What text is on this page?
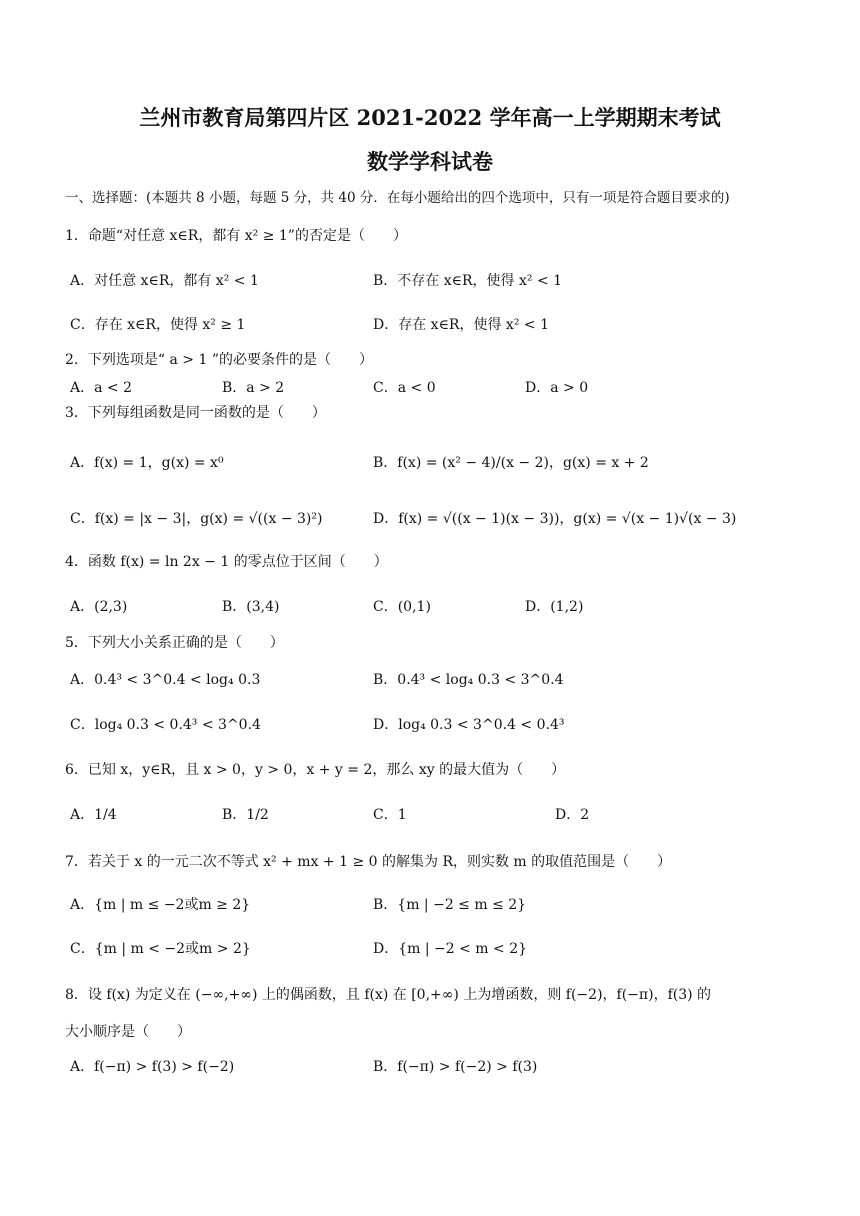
兰州市教育局第四片区 2021-2022 学年高一上学期期末考试
数学学科试卷
一、选择题：(本题共 8 小题，每题 5 分，共 40 分．在每小题给出的四个选项中，只有一项是符合题目要求的)
1．命题“对任意 x∈R，都有 x² ≥ 1”的否定是（　　）
A．对任意 x∈R，都有 x² < 1	B．不存在 x∈R，使得 x² < 1
C．存在 x∈R，使得 x² ≥ 1	D．存在 x∈R，使得 x² < 1
2．下列选项是“ a > 1 ”的必要条件的是（　　）
A．a < 2	B．a > 2	C．a < 0	D．a > 0
3．下列每组函数是同一函数的是（　　）
A．f(x) = 1，g(x) = x⁰	B．f(x) = (x² − 4)/(x − 2)，g(x) = x + 2
C．f(x) = |x − 3|，g(x) = √((x − 3)²)	D．f(x) = √((x − 1)(x − 3))，g(x) = √(x − 1)√(x − 3)
4．函数 f(x) = ln 2x − 1 的零点位于区间（　　）
A．(2,3)	B．(3,4)	C．(0,1)	D．(1,2)
5．下列大小关系正确的是（　　）
A．0.4³ < 3^0.4 < log₄ 0.3	B．0.4³ < log₄ 0.3 < 3^0.4
C．log₄ 0.3 < 0.4³ < 3^0.4	D．log₄ 0.3 < 3^0.4 < 0.4³
6．已知 x，y∈R，且 x > 0，y > 0，x + y = 2，那么 xy 的最大值为（　　）
A．1/4	B．1/2	C．1	D．2
7．若关于 x 的一元二次不等式 x² + mx + 1 ≥ 0 的解集为 R，则实数 m 的取值范围是（　　）
A．{m | m ≤ −2或m ≥ 2}	B．{m | −2 ≤ m ≤ 2}
C．{m | m < −2或m > 2}	D．{m | −2 < m < 2}
8．设 f(x) 为定义在 (−∞,+∞) 上的偶函数，且 f(x) 在 [0,+∞) 上为增函数，则 f(−2)，f(−π)，f(3) 的
大小顺序是（　　）
A．f(−π) > f(3) > f(−2)	B．f(−π) > f(−2) > f(3)
